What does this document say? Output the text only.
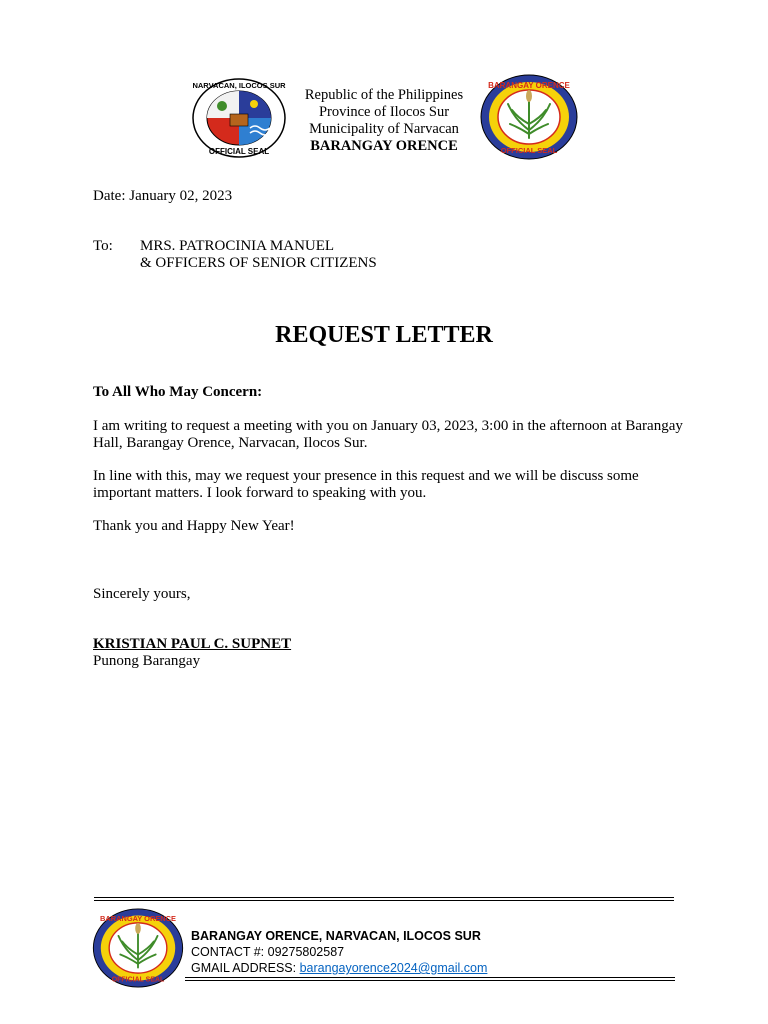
NARVACAN, ILOCOS SUR
OFFICIAL SEAL
Republic of the Philippines
Province of Ilocos Sur
Municipality of Narvacan
BARANGAY ORENCE
BARANGAY ORENCE
OFFICIAL SEAL
Date: January 02, 2023
To: MRS. PATROCINIA MANUEL
& OFFICERS OF SENIOR CITIZENS
REQUEST LETTER
To All Who May Concern:
I am writing to request a meeting with you on January 03, 2023, 3:00 in the afternoon at Barangay Hall, Barangay Orence, Narvacan, Ilocos Sur.
In line with this, may we request your presence in this request and we will be discuss some important matters. I look forward to speaking with you.
Thank you and Happy New Year!
Sincerely yours,
KRISTIAN PAUL C. SUPNET
Punong Barangay
BARANGAY ORENCE
OFFICIAL SEAL
BARANGAY ORENCE, NARVACAN, ILOCOS SUR
CONTACT #: 09275802587
GMAIL ADDRESS: barangayorence2024@gmail.com
